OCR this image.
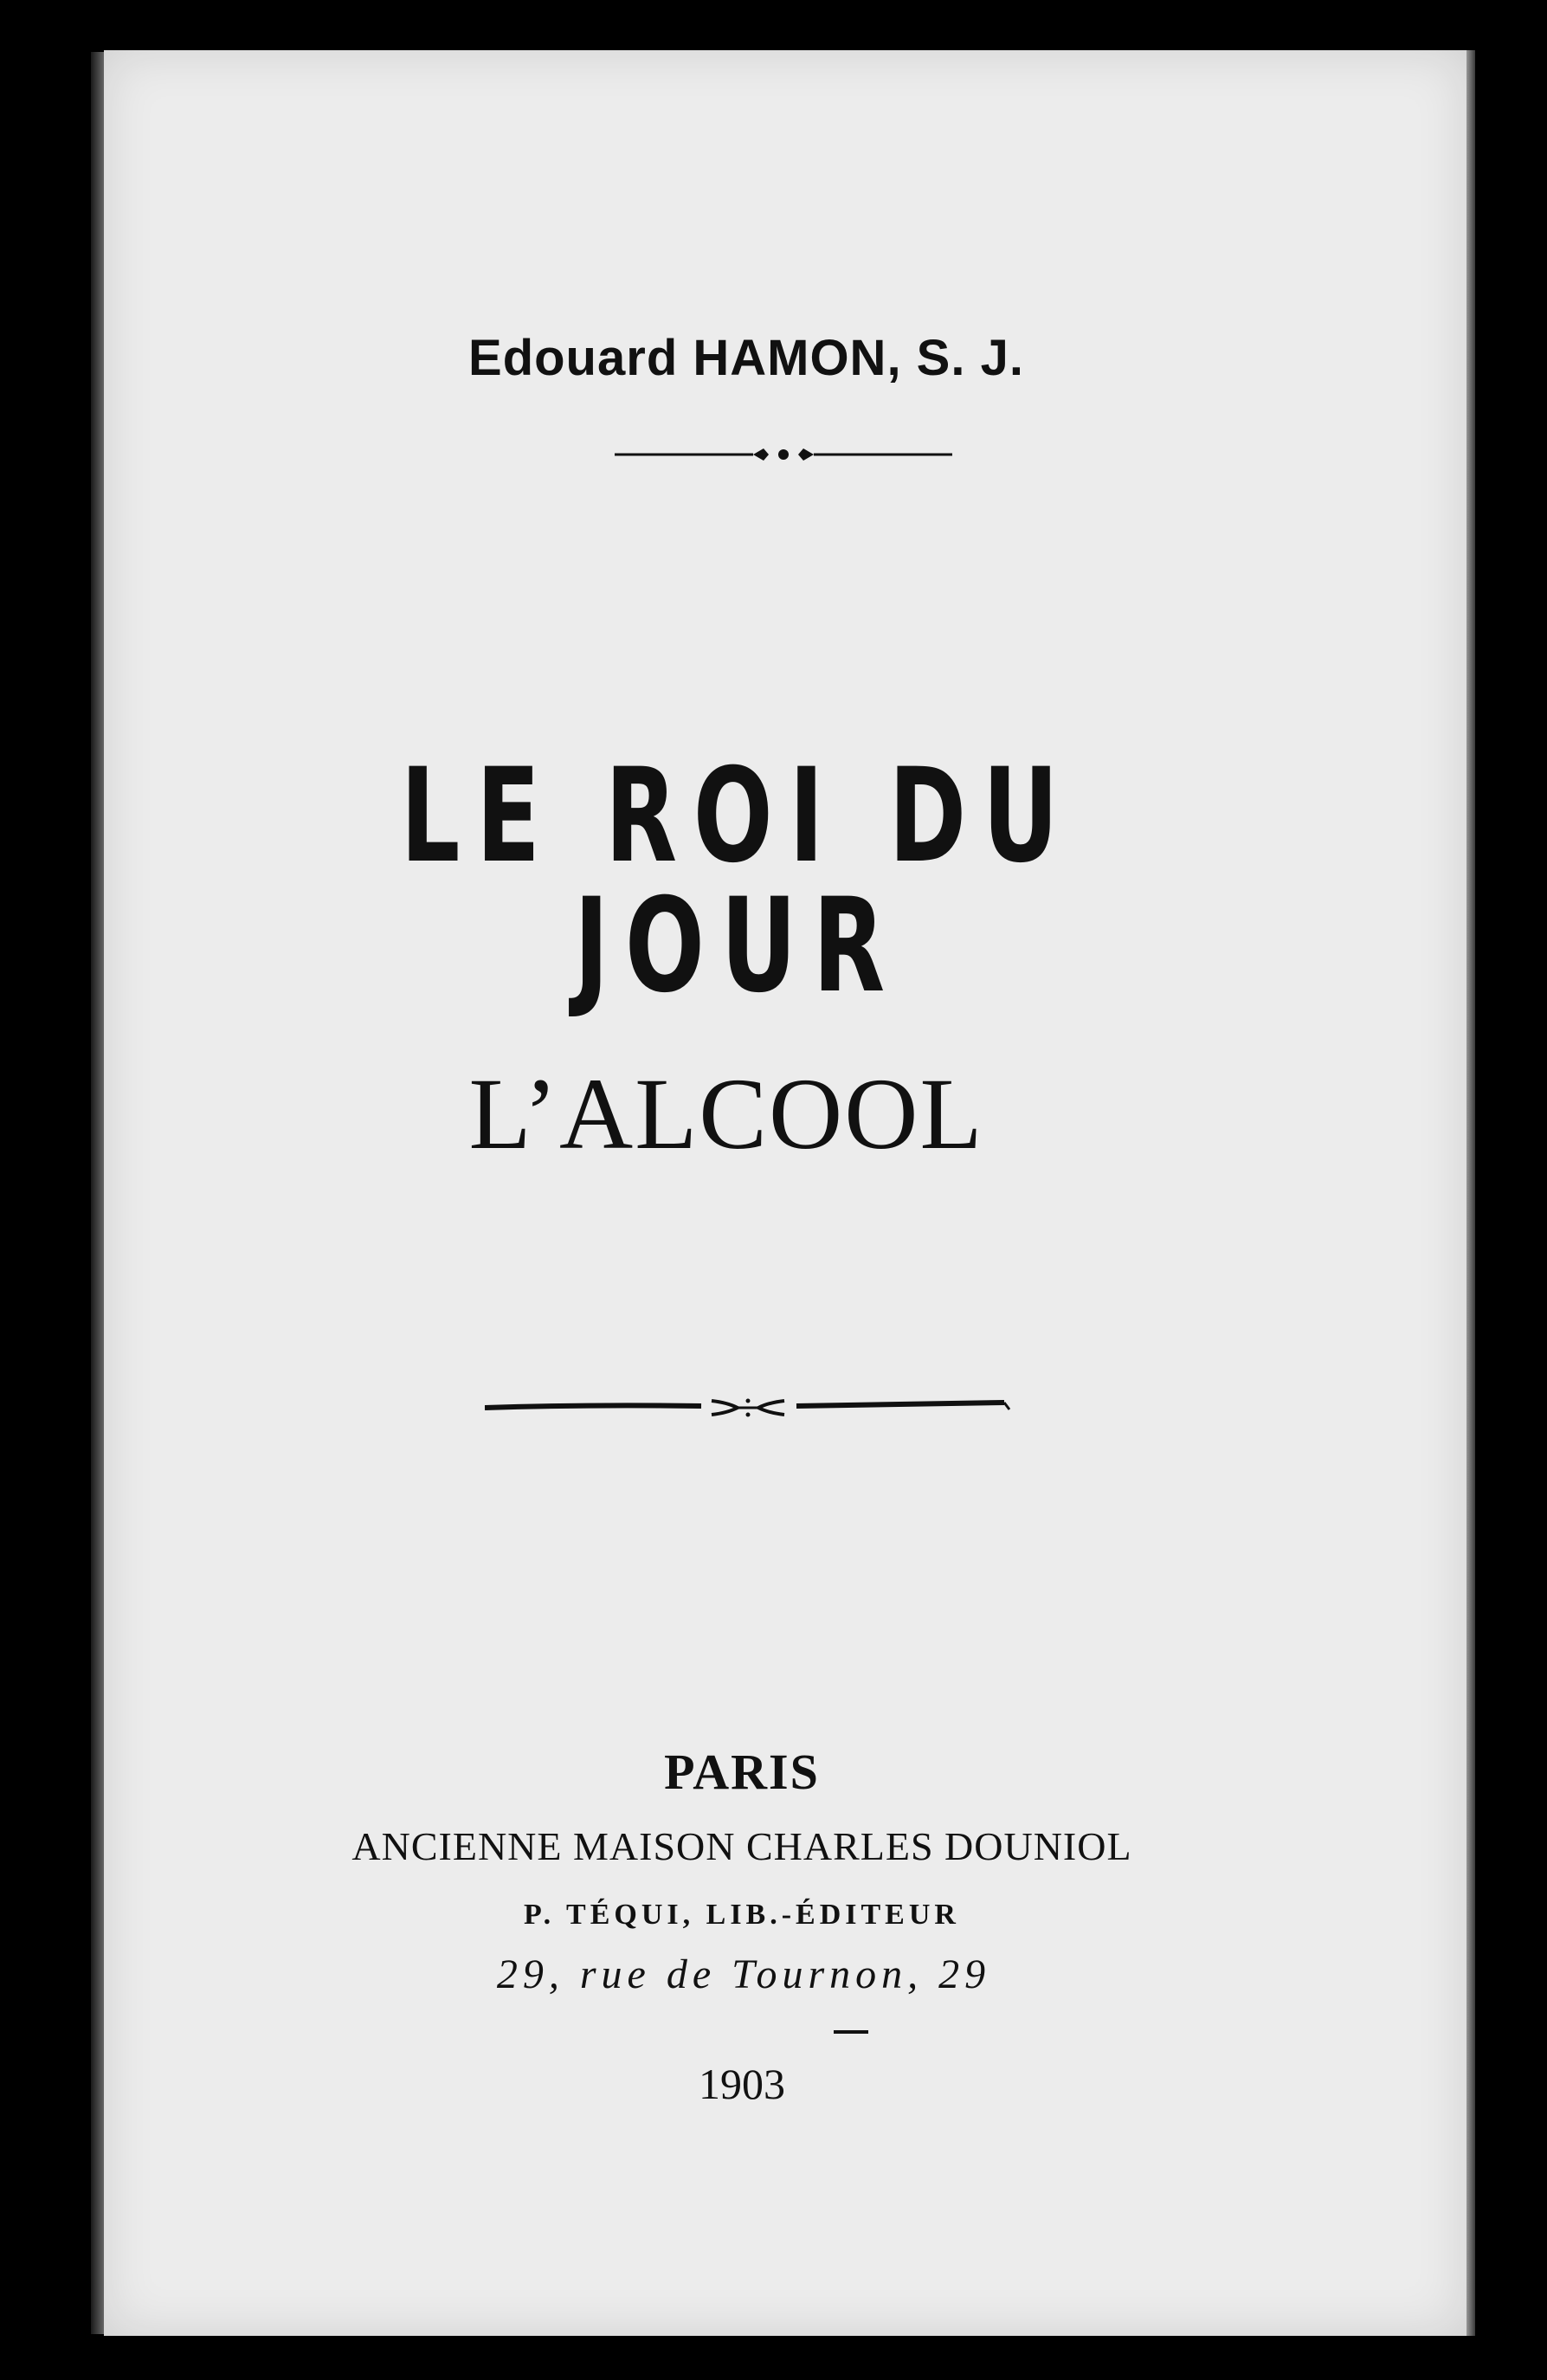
Edouard HAMON, S. J.
LE ROI DU JOUR
L’ALCOOL
PARIS
ANCIENNE MAISON CHARLES DOUNIOL
P. TÉQUI, LIB.-ÉDITEUR
29, rue de Tournon, 29
1903
